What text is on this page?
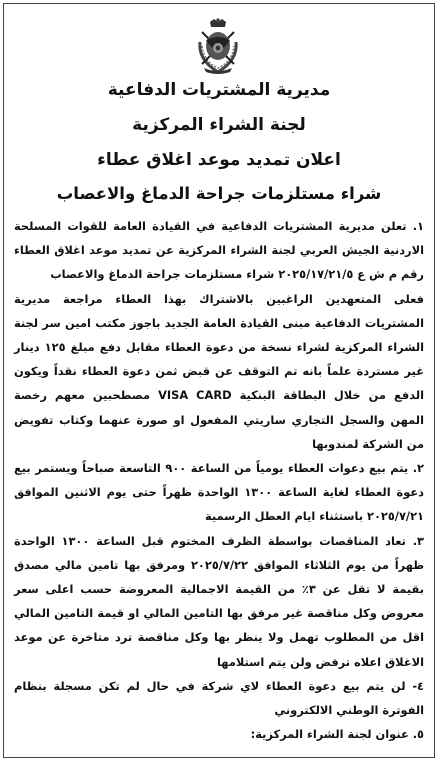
مديرية المشتريات الدفاعية
لجنة الشراء المركزية
اعلان تمديد موعد اغلاق عطاء
شراء مستلزمات جراحة الدماغ والاعصاب

١. تعلن مديرية المشتريات الدفاعية في القيادة العامة للقوات المسلحة الاردنية الجيش العربي لجنة الشراء المركزية عن تمديد موعد اغلاق العطاء رقم م ش ع ٢٠٢٥/١٧/٢١/٥ شراء مستلزمات جراحة الدماغ والاعصاب

فعلى المتعهدين الراغبين بالاشتراك بهذا العطاء مراجعة مديرية المشتريات الدفاعية مبنى القيادة العامة الجديد باجوز مكتب امين سر لجنة الشراء المركزية لشراء نسخة من دعوة العطاء مقابل دفع مبلغ ١٢٥ دينار غير مستردة علماً بانه تم التوقف عن قبض ثمن دعوة العطاء نقداً ويكون الدفع من خلال البطاقة البنكية VISA CARD مصطحبين معهم رخصة المهن والسجل التجاري ساريتي المفعول او صورة عنهما وكتاب تفويض من الشركة لمندوبها

٢. يتم بيع دعوات العطاء يومياً من الساعة ٩٠٠ التاسعة صباحاً ويستمر بيع دعوة العطاء لغاية الساعة ١٣٠٠ الواحدة ظهراً حتى يوم الاثنين الموافق ٢٠٢٥/٧/٢١ باستثناء ايام العطل الرسمية

٣. تعاد المناقصات بواسطة الظرف المختوم قبل الساعة ١٣٠٠ الواحدة ظهراً من يوم الثلاثاء الموافق ٢٠٢٥/٧/٢٢ ومرفق بها تامين مالي مصدق بقيمة لا تقل عن ٣٪ من القيمة الاجمالية المعروضة حسب اعلى سعر معروض وكل مناقصة غير مرفق بها التامين المالي او قيمة التامين المالي اقل من المطلوب تهمل ولا ينظر بها وكل مناقصة ترد متاخرة عن موعد الاغلاق اعلاه ترفض ولن يتم استلامها

٤- لن يتم بيع دعوة العطاء لاي شركة في حال لم تكن مسجلة بنظام الفوترة الوطني الالكتروني

٥. عنوان لجنة الشراء المركزية:
